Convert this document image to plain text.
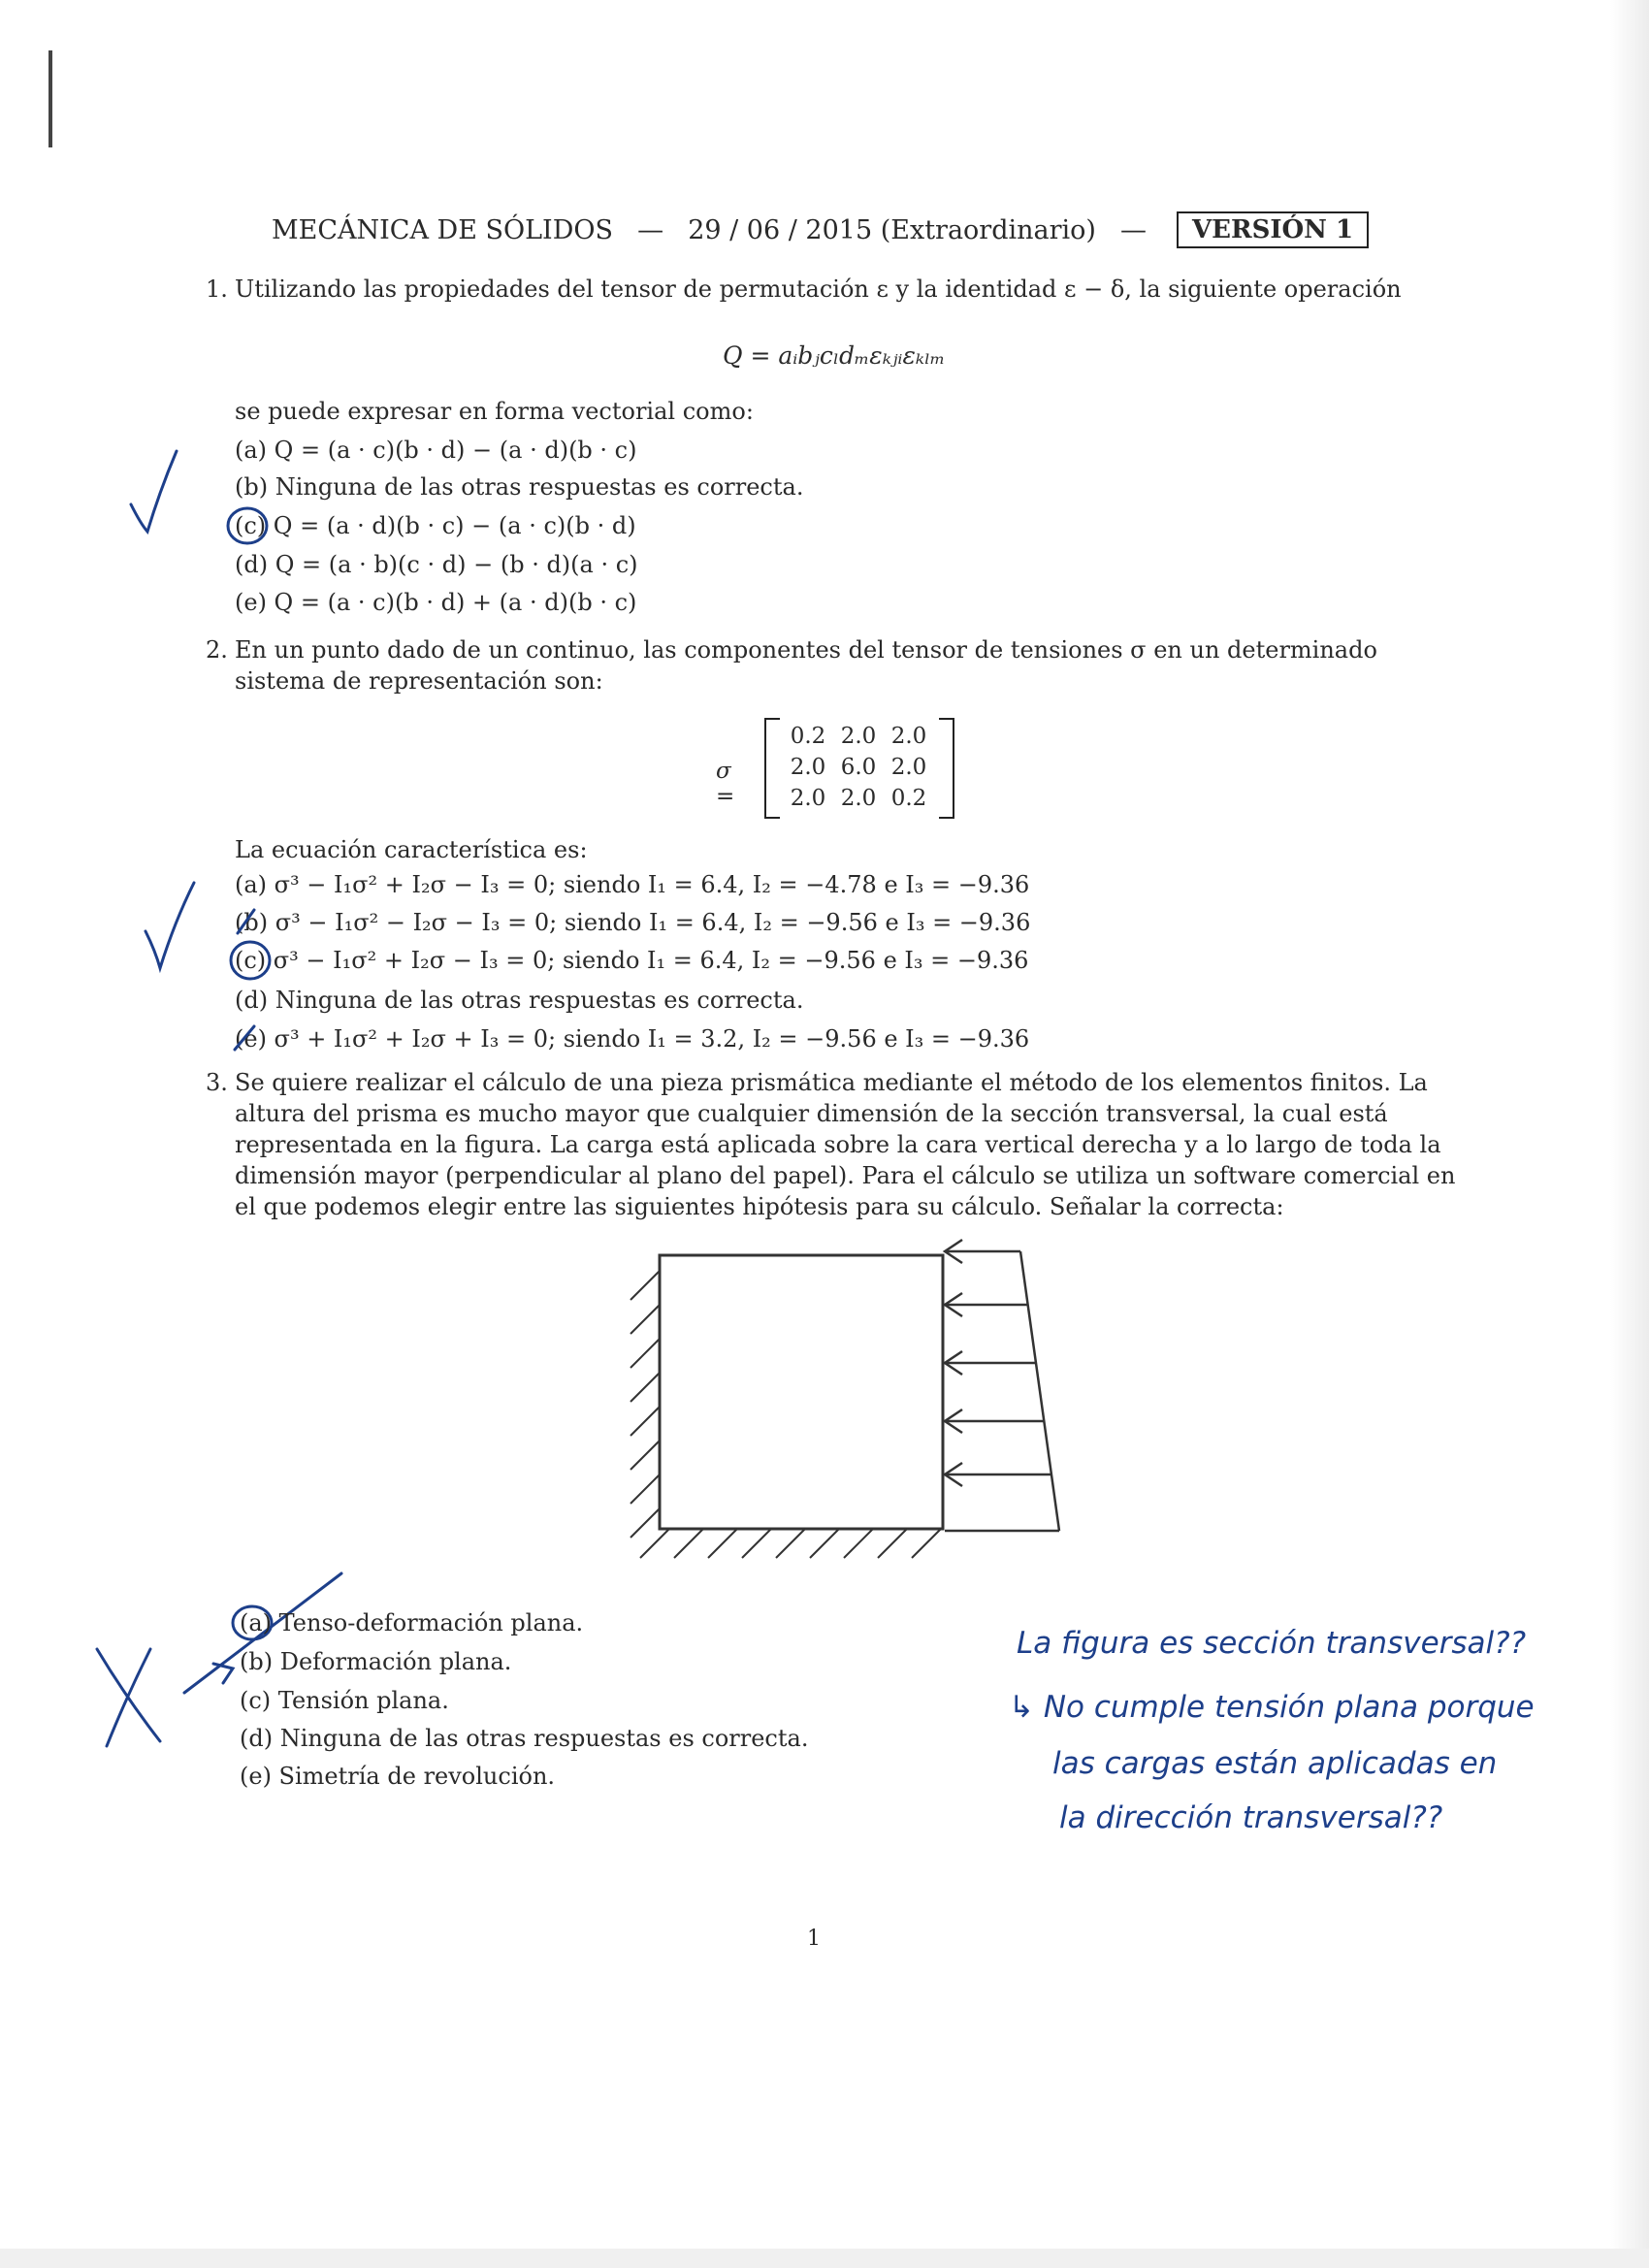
MECÁNICA DE SÓLIDOS — 29 / 06 / 2015 (Extraordinario) —	VERSIÓN 1
1. Utilizando las propiedades del tensor de permutación ε y la identidad ε − δ, la siguiente operación
Q = aᵢbⱼcₗdₘεₖⱼᵢεₖₗₘ
se puede expresar en forma vectorial como:
(a) Q = (a · c)(b · d) − (a · d)(b · c)
(b) Ninguna de las otras respuestas es correcta.
(c) Q = (a · d)(b · c) − (a · c)(b · d)
(d) Q = (a · b)(c · d) − (b · d)(a · c)
(e) Q = (a · c)(b · d) + (a · d)(b · c)
2. En un punto dado de un continuo, las componentes del tensor de tensiones σ en un determinado sistema de representación son:
σ =
0.2 2.0 2.0
2.0 6.0 2.0
2.0 2.0 0.2
La ecuación característica es:
(a) σ³ − I₁σ² + I₂σ − I₃ = 0; siendo I₁ = 6.4, I₂ = −4.78 e I₃ = −9.36
(b) σ³ − I₁σ² − I₂σ − I₃ = 0; siendo I₁ = 6.4, I₂ = −9.56 e I₃ = −9.36
(c) σ³ − I₁σ² + I₂σ − I₃ = 0; siendo I₁ = 6.4, I₂ = −9.56 e I₃ = −9.36
(d) Ninguna de las otras respuestas es correcta.
(e) σ³ + I₁σ² + I₂σ + I₃ = 0; siendo I₁ = 3.2, I₂ = −9.56 e I₃ = −9.36
3. Se quiere realizar el cálculo de una pieza prismática mediante el método de los elementos finitos. La altura del prisma es mucho mayor que cualquier dimensión de la sección transversal, la cual está representada en la figura. La carga está aplicada sobre la cara vertical derecha y a lo largo de toda la dimensión mayor (perpendicular al plano del papel). Para el cálculo se utiliza un software comercial en el que podemos elegir entre las siguientes hipótesis para su cálculo. Señalar la correcta:
(a) Tenso-deformación plana.
(b) Deformación plana.
(c) Tensión plana.
(d) Ninguna de las otras respuestas es correcta.
(e) Simetría de revolución.
La figura es sección transversal??
↳ No cumple tensión plana porque
las cargas están aplicadas en
la dirección transversal??
1
